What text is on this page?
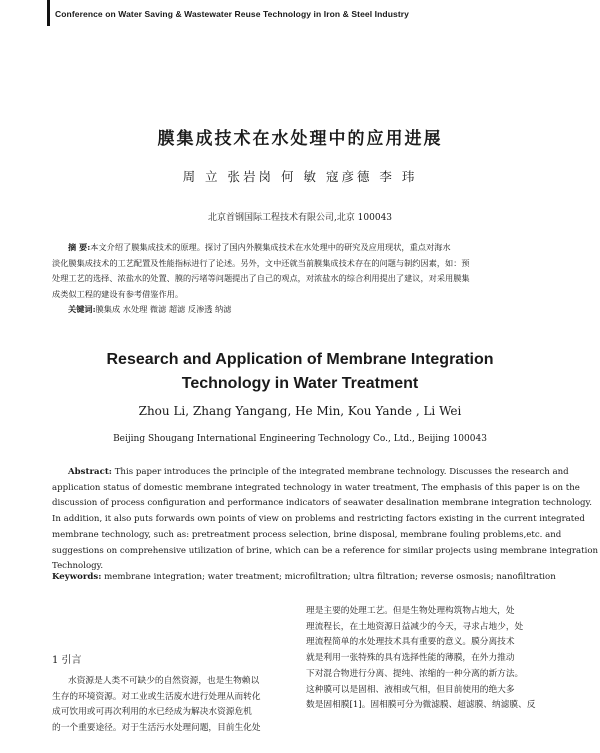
Conference on Water Saving & Wastewater Reuse Technology in Iron & Steel Industry
膜集成技术在水处理中的应用进展
周 立 张岩岗 何 敏 寇彦德 李 玮
北京首钢国际工程技术有限公司,北京 100043
摘 要:本文介绍了膜集成技术的原理。探讨了国内外膜集成技术在水处理中的研究及应用现状，重点对海水
淡化膜集成技术的工艺配置及性能指标进行了论述。另外，文中还就当前膜集成技术存在的问题与制约因素，如：预
处理工艺的选择、浓盐水的处置、膜的污堵等问题提出了自己的观点，对浓盐水的综合利用提出了建议，对采用膜集
成类似工程的建设有参考借鉴作用。
关键词:膜集成 水处理 微滤 超滤 反渗透 纳滤
Research and Application of Membrane Integration
Technology in Water Treatment
Zhou Li, Zhang Yangang, He Min, Kou Yande , Li Wei
Beijing Shougang International Engineering Technology Co., Ltd., Beijing 100043
Abstract: This paper introduces the principle of the integrated membrane technology. Discusses the research and
application status of domestic membrane integrated technology in water treatment, The emphasis of this paper is on the
discussion of process configuration and performance indicators of seawater desalination membrane integration technology.
In addition, it also puts forwards own points of view on problems and restricting factors existing in the current integrated
membrane technology, such as: pretreatment process selection, brine disposal, membrane fouling problems,etc. and
suggestions on comprehensive utilization of brine, which can be a reference for similar projects using membrane integration
Technology.
Keywords: membrane integration; water treatment; microfiltration; ultra filtration; reverse osmosis; nanofiltration
理是主要的处理工艺。但是生物处理构筑物占地大，处
理流程长，在土地资源日益减少的今天，寻求占地少，处
理流程简单的水处理技术具有重要的意义。膜分离技术
就是利用一张特殊的具有选择性能的薄膜，在外力推动
下对混合物进行分离、提纯、浓缩的一种分离的新方法。
这种膜可以是固相、液相或气相，但目前使用的绝大多
数是固相膜[1]。固相膜可分为微滤膜、超滤膜、纳滤膜、反
1 引言
水资源是人类不可缺少的自然资源，也是生物赖以
生存的环境资源。对工业或生活废水进行处理从而转化
成可饮用或可再次利用的水已经成为解决水资源危机
的一个重要途径。对于生活污水处理问题，目前生化处
